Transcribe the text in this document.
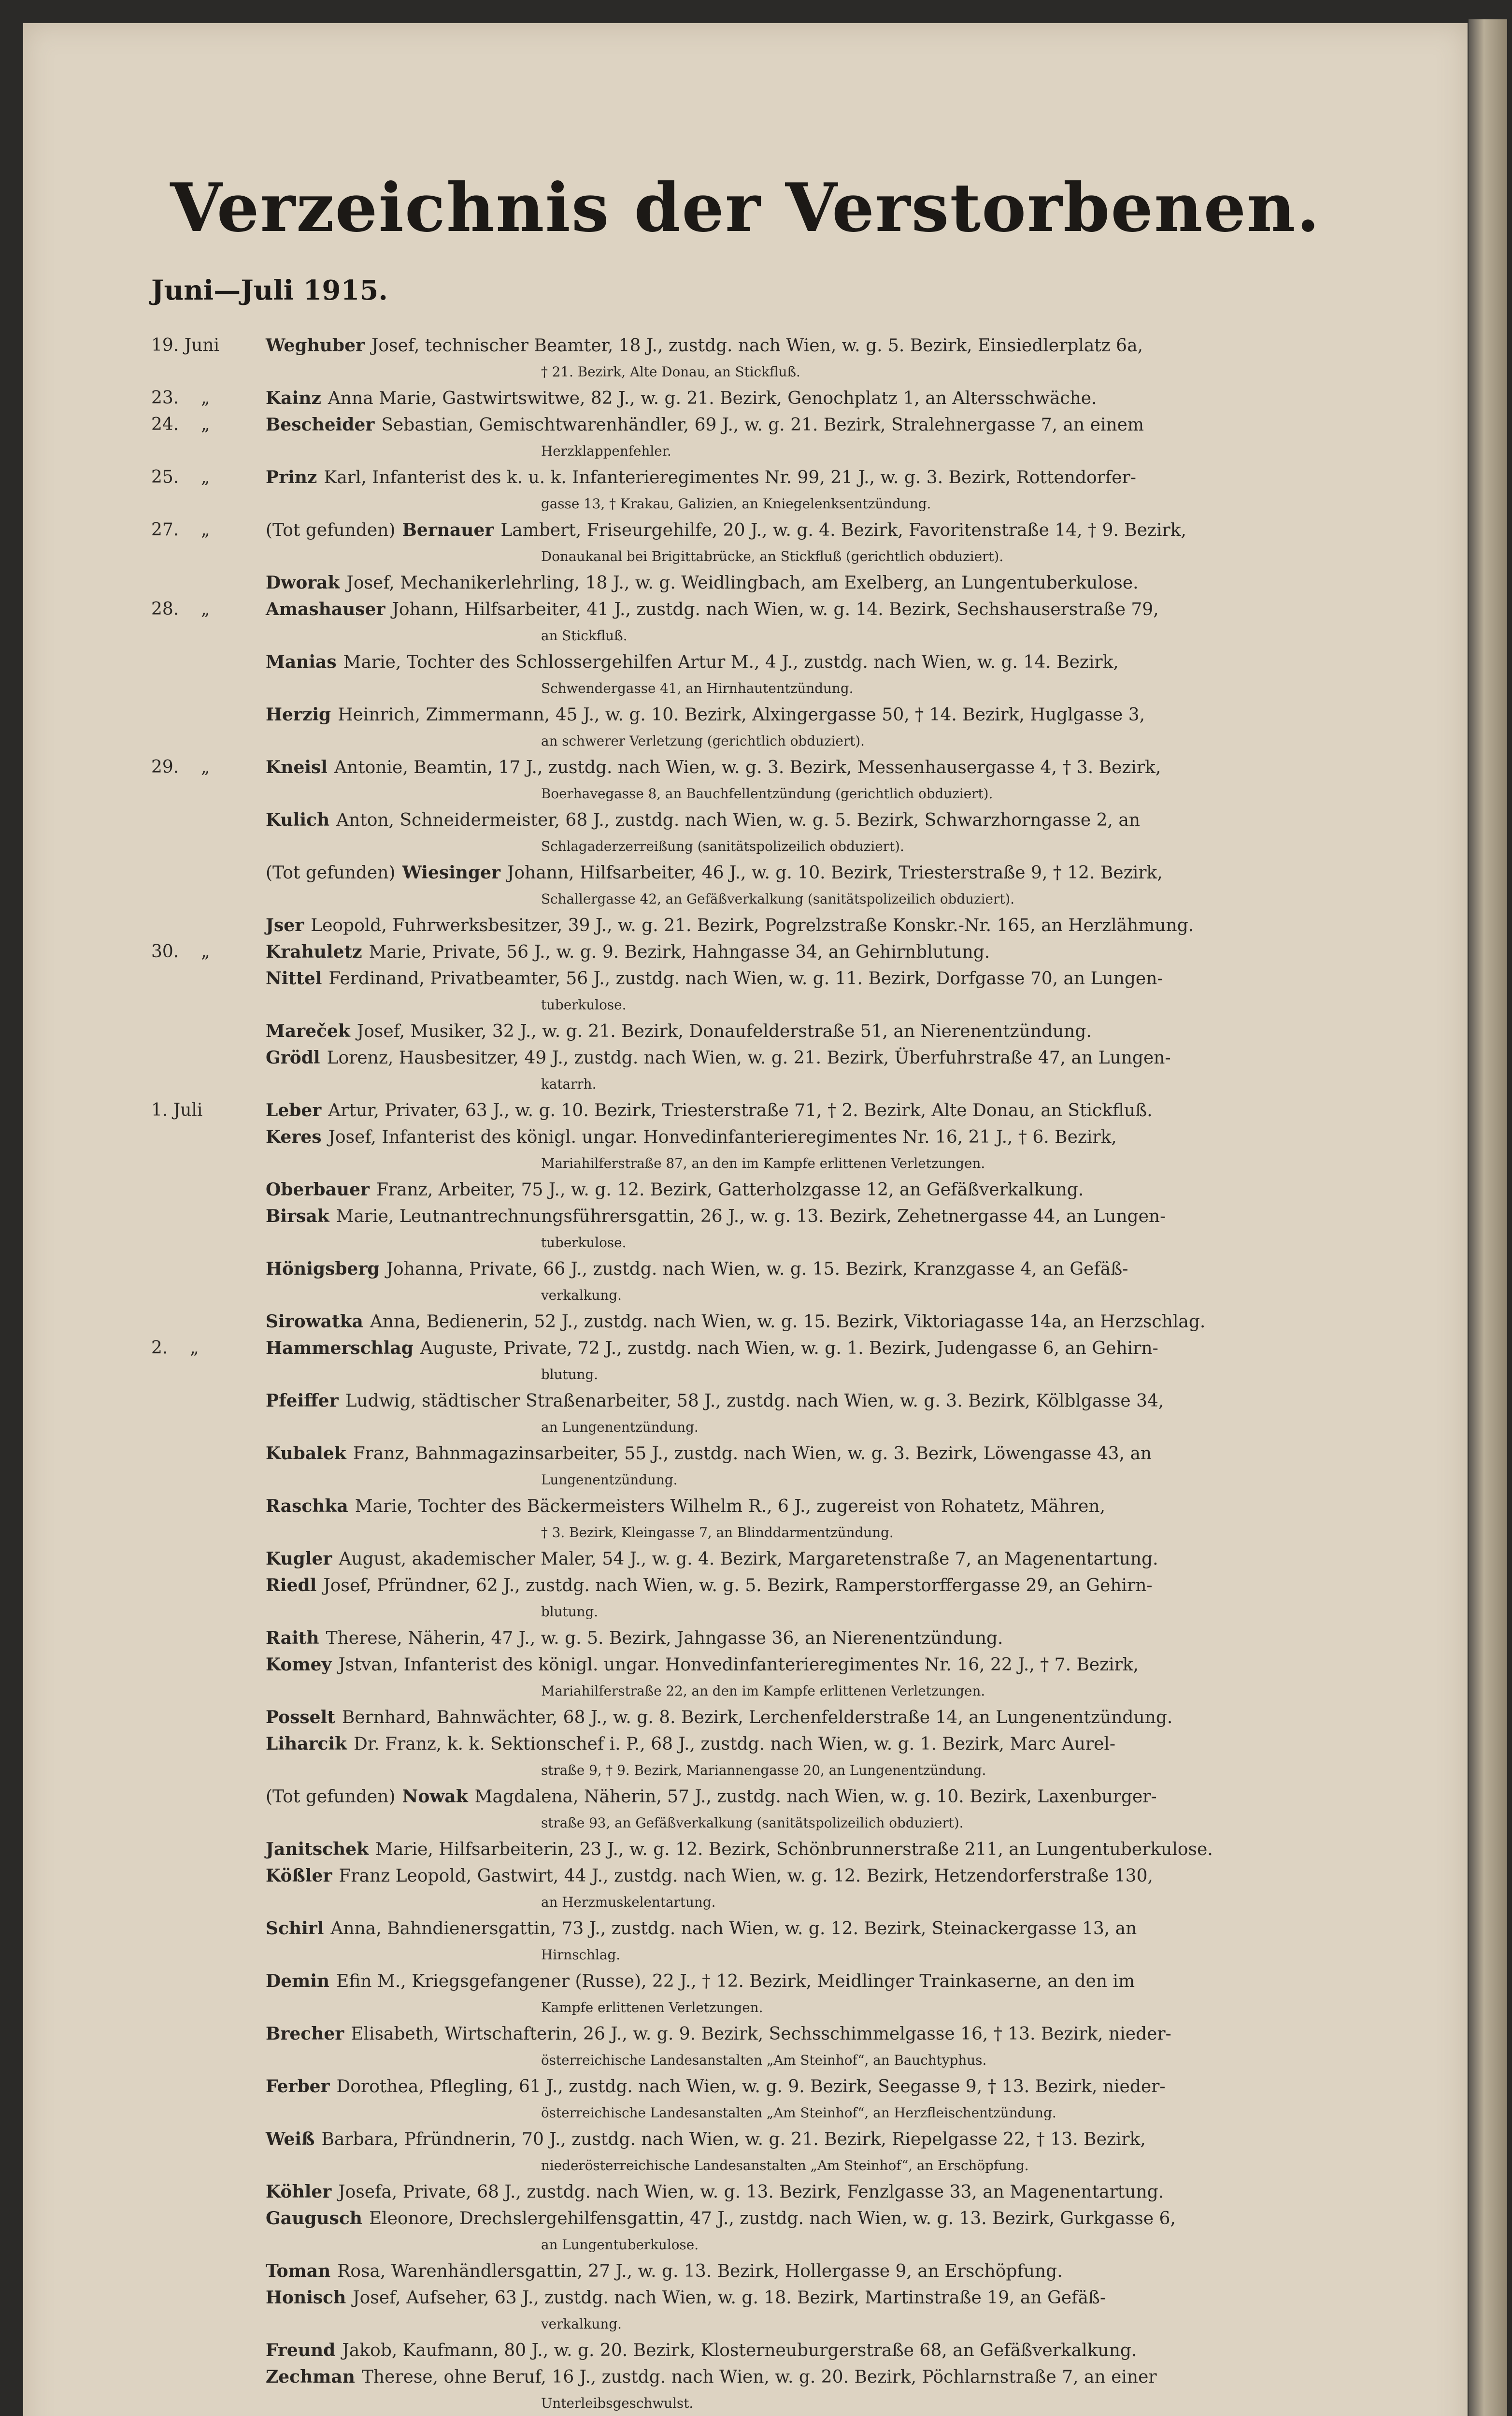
Verzeichnis der Verstorbenen.
Juni—Juli 1915.
19. Juni	Weghuber Josef, technischer Beamter, 18 J., zustdg. nach Wien, w. g. 5. Bezirk, Einsiedlerplatz 6a,
† 21. Bezirk, Alte Donau, an Stickfluß.
23.    „	Kainz Anna Marie, Gastwirtswitwe, 82 J., w. g. 21. Bezirk, Genochplatz 1, an Altersschwäche.
24.    „	Bescheider Sebastian, Gemischtwarenhändler, 69 J., w. g. 21. Bezirk, Stralehnergasse 7, an einem
Herzklappenfehler.
25.    „	Prinz Karl, Infanterist des k. u. k. Infanterieregimentes Nr. 99, 21 J., w. g. 3. Bezirk, Rottendorfer-
gasse 13, † Krakau, Galizien, an Kniegelenksentzündung.
27.    „	(Tot gefunden) Bernauer Lambert, Friseurgehilfe, 20 J., w. g. 4. Bezirk, Favoritenstraße 14, † 9. Bezirk,
Donaukanal bei Brigittabrücke, an Stickfluß (gerichtlich obduziert).
Dworak Josef, Mechanikerlehrling, 18 J., w. g. Weidlingbach, am Exelberg, an Lungentuberkulose.
28.    „	Amashauser Johann, Hilfsarbeiter, 41 J., zustdg. nach Wien, w. g. 14. Bezirk, Sechshauserstraße 79,
an Stickfluß.
Manias Marie, Tochter des Schlossergehilfen Artur M., 4 J., zustdg. nach Wien, w. g. 14. Bezirk,
Schwendergasse 41, an Hirnhautentzündung.
Herzig Heinrich, Zimmermann, 45 J., w. g. 10. Bezirk, Alxingergasse 50, † 14. Bezirk, Huglgasse 3,
an schwerer Verletzung (gerichtlich obduziert).
29.    „	Kneisl Antonie, Beamtin, 17 J., zustdg. nach Wien, w. g. 3. Bezirk, Messenhausergasse 4, † 3. Bezirk,
Boerhavegasse 8, an Bauchfellentzündung (gerichtlich obduziert).
Kulich Anton, Schneidermeister, 68 J., zustdg. nach Wien, w. g. 5. Bezirk, Schwarzhorngasse 2, an
Schlagaderzerreißung (sanitätspolizeilich obduziert).
(Tot gefunden) Wiesinger Johann, Hilfsarbeiter, 46 J., w. g. 10. Bezirk, Triesterstraße 9, † 12. Bezirk,
Schallergasse 42, an Gefäßverkalkung (sanitätspolizeilich obduziert).
Jser Leopold, Fuhrwerksbesitzer, 39 J., w. g. 21. Bezirk, Pogrelzstraße Konskr.-Nr. 165, an Herzlähmung.
30.    „	Krahuletz Marie, Private, 56 J., w. g. 9. Bezirk, Hahngasse 34, an Gehirnblutung.
Nittel Ferdinand, Privatbeamter, 56 J., zustdg. nach Wien, w. g. 11. Bezirk, Dorfgasse 70, an Lungen-
tuberkulose.
Mareček Josef, Musiker, 32 J., w. g. 21. Bezirk, Donaufelderstraße 51, an Nierenentzündung.
Grödl Lorenz, Hausbesitzer, 49 J., zustdg. nach Wien, w. g. 21. Bezirk, Überfuhrstraße 47, an Lungen-
katarrh.
1. Juli	Leber Artur, Privater, 63 J., w. g. 10. Bezirk, Triesterstraße 71, † 2. Bezirk, Alte Donau, an Stickfluß.
Keres Josef, Infanterist des königl. ungar. Honvedinfanterieregimentes Nr. 16, 21 J., † 6. Bezirk,
Mariahilferstraße 87, an den im Kampfe erlittenen Verletzungen.
Oberbauer Franz, Arbeiter, 75 J., w. g. 12. Bezirk, Gatterholzgasse 12, an Gefäßverkalkung.
Birsak Marie, Leutnantrechnungsführersgattin, 26 J., w. g. 13. Bezirk, Zehetnergasse 44, an Lungen-
tuberkulose.
Hönigsberg Johanna, Private, 66 J., zustdg. nach Wien, w. g. 15. Bezirk, Kranzgasse 4, an Gefäß-
verkalkung.
Sirowatka Anna, Bedienerin, 52 J., zustdg. nach Wien, w. g. 15. Bezirk, Viktoriagasse 14a, an Herzschlag.
2.    „	Hammerschlag Auguste, Private, 72 J., zustdg. nach Wien, w. g. 1. Bezirk, Judengasse 6, an Gehirn-
blutung.
Pfeiffer Ludwig, städtischer Straßenarbeiter, 58 J., zustdg. nach Wien, w. g. 3. Bezirk, Kölblgasse 34,
an Lungenentzündung.
Kubalek Franz, Bahnmagazinsarbeiter, 55 J., zustdg. nach Wien, w. g. 3. Bezirk, Löwengasse 43, an
Lungenentzündung.
Raschka Marie, Tochter des Bäckermeisters Wilhelm R., 6 J., zugereist von Rohatetz, Mähren,
† 3. Bezirk, Kleingasse 7, an Blinddarmentzündung.
Kugler August, akademischer Maler, 54 J., w. g. 4. Bezirk, Margaretenstraße 7, an Magenentartung.
Riedl Josef, Pfründner, 62 J., zustdg. nach Wien, w. g. 5. Bezirk, Ramperstorffergasse 29, an Gehirn-
blutung.
Raith Therese, Näherin, 47 J., w. g. 5. Bezirk, Jahngasse 36, an Nierenentzündung.
Komey Jstvan, Infanterist des königl. ungar. Honvedinfanterieregimentes Nr. 16, 22 J., † 7. Bezirk,
Mariahilferstraße 22, an den im Kampfe erlittenen Verletzungen.
Posselt Bernhard, Bahnwächter, 68 J., w. g. 8. Bezirk, Lerchenfelderstraße 14, an Lungenentzündung.
Liharcik Dr. Franz, k. k. Sektionschef i. P., 68 J., zustdg. nach Wien, w. g. 1. Bezirk, Marc Aurel-
straße 9, † 9. Bezirk, Mariannengasse 20, an Lungenentzündung.
(Tot gefunden) Nowak Magdalena, Näherin, 57 J., zustdg. nach Wien, w. g. 10. Bezirk, Laxenburger-
straße 93, an Gefäßverkalkung (sanitätspolizeilich obduziert).
Janitschek Marie, Hilfsarbeiterin, 23 J., w. g. 12. Bezirk, Schönbrunnerstraße 211, an Lungentuberkulose.
Kößler Franz Leopold, Gastwirt, 44 J., zustdg. nach Wien, w. g. 12. Bezirk, Hetzendorferstraße 130,
an Herzmuskelentartung.
Schirl Anna, Bahndienersgattin, 73 J., zustdg. nach Wien, w. g. 12. Bezirk, Steinackergasse 13, an
Hirnschlag.
Demin Efin M., Kriegsgefangener (Russe), 22 J., † 12. Bezirk, Meidlinger Trainkaserne, an den im
Kampfe erlittenen Verletzungen.
Brecher Elisabeth, Wirtschafterin, 26 J., w. g. 9. Bezirk, Sechsschimmelgasse 16, † 13. Bezirk, nieder-
österreichische Landesanstalten „Am Steinhof“, an Bauchtyphus.
Ferber Dorothea, Pflegling, 61 J., zustdg. nach Wien, w. g. 9. Bezirk, Seegasse 9, † 13. Bezirk, nieder-
österreichische Landesanstalten „Am Steinhof“, an Herzfleischentzündung.
Weiß Barbara, Pfründnerin, 70 J., zustdg. nach Wien, w. g. 21. Bezirk, Riepelgasse 22, † 13. Bezirk,
niederösterreichische Landesanstalten „Am Steinhof“, an Erschöpfung.
Köhler Josefa, Private, 68 J., zustdg. nach Wien, w. g. 13. Bezirk, Fenzlgasse 33, an Magenentartung.
Gaugusch Eleonore, Drechslergehilfensgattin, 47 J., zustdg. nach Wien, w. g. 13. Bezirk, Gurkgasse 6,
an Lungentuberkulose.
Toman Rosa, Warenhändlersgattin, 27 J., w. g. 13. Bezirk, Hollergasse 9, an Erschöpfung.
Honisch Josef, Aufseher, 63 J., zustdg. nach Wien, w. g. 18. Bezirk, Martinstraße 19, an Gefäß-
verkalkung.
Freund Jakob, Kaufmann, 80 J., w. g. 20. Bezirk, Klosterneuburgerstraße 68, an Gefäßverkalkung.
Zechman Therese, ohne Beruf, 16 J., zustdg. nach Wien, w. g. 20. Bezirk, Pöchlarnstraße 7, an einer
Unterleibsgeschwulst.
